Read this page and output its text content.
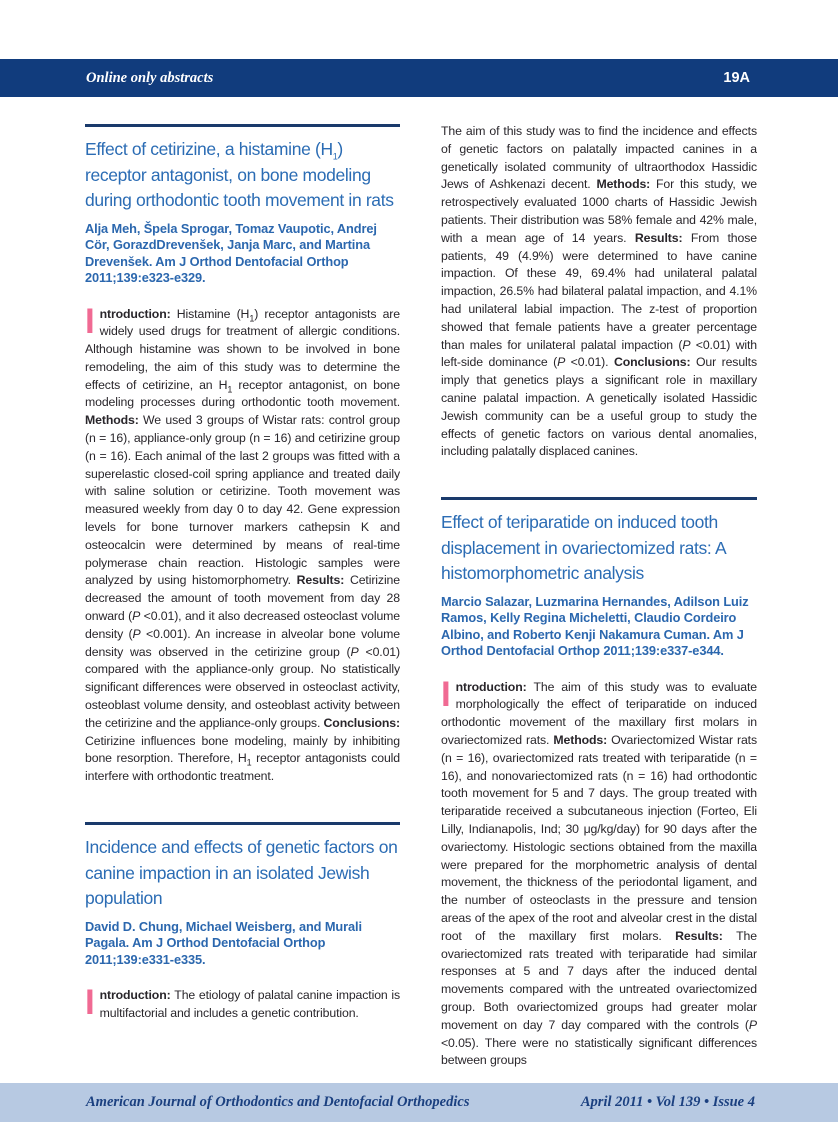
Online only abstracts	19A
Effect of cetirizine, a histamine $(H_1)$ receptor antagonist, on bone modeling during orthodontic tooth movement in rats

Alja Meh, Špela Sprogar, Tomaz Vaupotic, Andrej Cör, GorazdDrevenšek, Janja Marc, and Martina Drevenšek. Am J Orthod Dentofacial Orthop 2011;139:e323-e329.

Introduction: Histamine $(H_1)$ receptor antagonists are widely used drugs for treatment of allergic conditions. Although histamine was shown to be involved in bone remodeling, the aim of this study was to determine the effects of cetirizine, an $H_1$ receptor antagonist, on bone modeling processes during orthodontic tooth movement. Methods: We used 3 groups of Wistar rats: control group (n = 16), appliance-only group (n = 16) and cetirizine group (n = 16). Each animal of the last 2 groups was fitted with a superelastic closed-coil spring appliance and treated daily with saline solution or cetirizine. Tooth movement was measured weekly from day 0 to day 42. Gene expression levels for bone turnover markers cathepsin K and osteocalcin were determined by means of real-time polymerase chain reaction. Histologic samples were analyzed by using histomorphometry. Results: Cetirizine decreased the amount of tooth movement from day 28 onward (P <0.01), and it also decreased osteoclast volume density (P <0.001). An increase in alveolar bone volume density was observed in the cetirizine group (P <0.01) compared with the appliance-only group. No statistically significant differences were observed in osteoclast activity, osteoblast volume density, and osteoblast activity between the cetirizine and the appliance-only groups. Conclusions: Cetirizine influences bone modeling, mainly by inhibiting bone resorption. Therefore, $H_1$ receptor antagonists could interfere with orthodontic treatment.

Incidence and effects of genetic factors on canine impaction in an isolated Jewish population

David D. Chung, Michael Weisberg, and Murali Pagala. Am J Orthod Dentofacial Orthop 2011;139:e331-e335.

Introduction: The etiology of palatal canine impaction is multifactorial and includes a genetic contribution.

The aim of this study was to find the incidence and effects of genetic factors on palatally impacted canines in a genetically isolated community of ultraorthodox Hassidic Jews of Ashkenazi decent. Methods: For this study, we retrospectively evaluated 1000 charts of Hassidic Jewish patients. Their distribution was 58% female and 42% male, with a mean age of 14 years. Results: From those patients, 49 (4.9%) were determined to have canine impaction. Of these 49, 69.4% had unilateral palatal impaction, 26.5% had bilateral palatal impaction, and 4.1% had unilateral labial impaction. The z-test of proportion showed that female patients have a greater percentage than males for unilateral palatal impaction (P <0.01) with left-side dominance (P <0.01). Conclusions: Our results imply that genetics plays a significant role in maxillary canine palatal impaction. A genetically isolated Hassidic Jewish community can be a useful group to study the effects of genetic factors on various dental anomalies, including palatally displaced canines.

Effect of teriparatide on induced tooth displacement in ovariectomized rats: A histomorphometric analysis

Marcio Salazar, Luzmarina Hernandes, Adilson Luiz Ramos, Kelly Regina Micheletti, Claudio Cordeiro Albino, and Roberto Kenji Nakamura Cuman. Am J Orthod Dentofacial Orthop 2011;139:e337-e344.

Introduction: The aim of this study was to evaluate morphologically the effect of teriparatide on induced orthodontic movement of the maxillary first molars in ovariectomized rats. Methods: Ovariectomized Wistar rats (n = 16), ovariectomized rats treated with teriparatide (n = 16), and nonovariectomized rats (n = 16) had orthodontic tooth movement for 5 and 7 days. The group treated with teriparatide received a subcutaneous injection (Forteo, Eli Lilly, Indianapolis, Ind; 30 μg/kg/day) for 90 days after the ovariectomy. Histologic sections obtained from the maxilla were prepared for the morphometric analysis of dental movement, the thickness of the periodontal ligament, and the number of osteoclasts in the pressure and tension areas of the apex of the root and alveolar crest in the distal root of the maxillary first molars. Results: The ovariectomized rats treated with teriparatide had similar responses at 5 and 7 days after the induced dental movements compared with the untreated ovariectomized group. Both ovariectomized groups had greater molar movement on day 7 day compared with the controls (P <0.05). There were no statistically significant differences between groups

American Journal of Orthodontics and Dentofacial Orthopedics	April 2011 • Vol 139 • Issue 4
